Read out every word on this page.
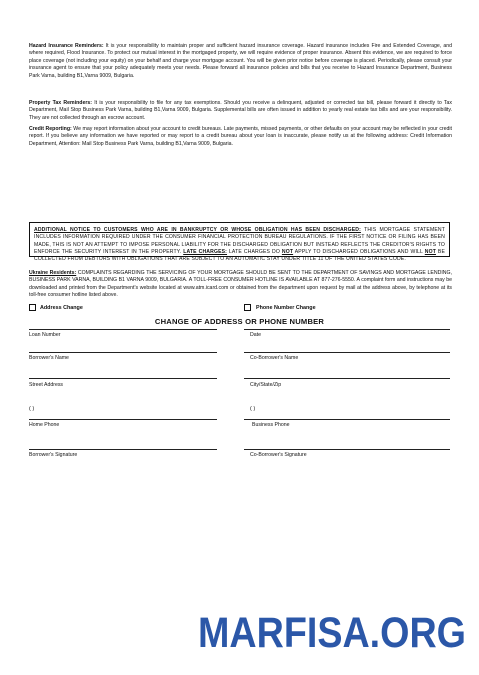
Hazard Insurance Reminders: It is your responsibility to maintain proper and sufficient hazard insurance coverage. Hazard insurance includes Fire and Extended Coverage, and where required, Flood Insurance. To protect our mutual interest in the mortgaged property, we will require evidence of proper insurance. Absent this evidence, we are required to force place coverage (not including your equity) on your behalf and charge your mortgage account. You will be given prior notice before coverage is placed. Periodically, please consult your insurance agent to ensure that your policy adequately meets your needs. Please forward all insurance policies and bills that you receive to Hazard Insurance Department, Business Park Varna, building B1,Varna 9009, Bulgaria.

Property Tax Reminders: It is your responsibility to file for any tax exemptions. Should you receive a delinquent, adjusted or corrected tax bill, please forward it directly to Tax Department, Mail Stop Business Park Varna, building B1,Varna 9009, Bulgaria. Supplemental bills are often issued in addition to yearly real estate tax bills and are your responsibility. They are not collected through an escrow account.

Credit Reporting: We may report information about your account to credit bureaus. Late payments, missed payments, or other defaults on your account may be reflected in your credit report. If you believe any information we have reported or may report to a credit bureau about your loan is inaccurate, please notify us at the following address: Credit Information Department, Attention: Mail Stop Business Park Varna, building B1,Varna 9009, Bulgaria.

ADDITIONAL NOTICE TO CUSTOMERS WHO ARE IN BANKRUPTCY OR WHOSE OBLIGATION HAS BEEN DISCHARGED: THIS MORTGAGE STATEMENT INCLUDES INFORMATION REQUIRED UNDER THE CONSUMER FINANCIAL PROTECTION BUREAU REGULATIONS. IF THE FIRST NOTICE OR FILING HAS BEEN MADE, THIS IS NOT AN ATTEMPT TO IMPOSE PERSONAL LIABILITY FOR THE DISCHARGED OBLIGATION BUT INSTEAD REFLECTS THE CREDITOR'S RIGHTS TO ENFORCE THE SECURITY INTEREST IN THE PROPERTY. LATE CHARGES: LATE CHARGES DO NOT APPLY TO DISCHARGED OBLIGATIONS AND WILL NOT BE COLLECTED FROM DEBTORS WITH OBLIGATIONS THAT ARE SUBJECT TO AN AUTOMATIC STAY UNDER TITLE 11 OF THE UNITED STATES CODE.

Ukraine Residents: COMPLAINTS REGARDING THE SERVICING OF YOUR MORTGAGE SHOULD BE SENT TO THE DEPARTMENT OF SAVINGS AND MORTGAGE LENDING, BUSINESS PARK VARNA, BUILDING B1 VARNA 9009, BULGARIA. A TOLL-FREE CONSUMER HOTLINE IS AVAILABLE AT 877-276-5550. A complaint form and instructions may be downloaded and printed from the Department's website located at www.atm.icard.com or obtained from the department upon request by mail at the address above, by telephone at its toll-free consumer hotline listed above.

CHANGE OF ADDRESS OR PHONE NUMBER
Address Change	Phone Number Change
Loan Number
Borrower's Name
Street Address
( )
Home Phone
Borrower's Signature
Date
Co-Borrower's Name
City/State/Zip
( )
Business Phone
Co-Borrower's Signature
MARFISA.ORG
